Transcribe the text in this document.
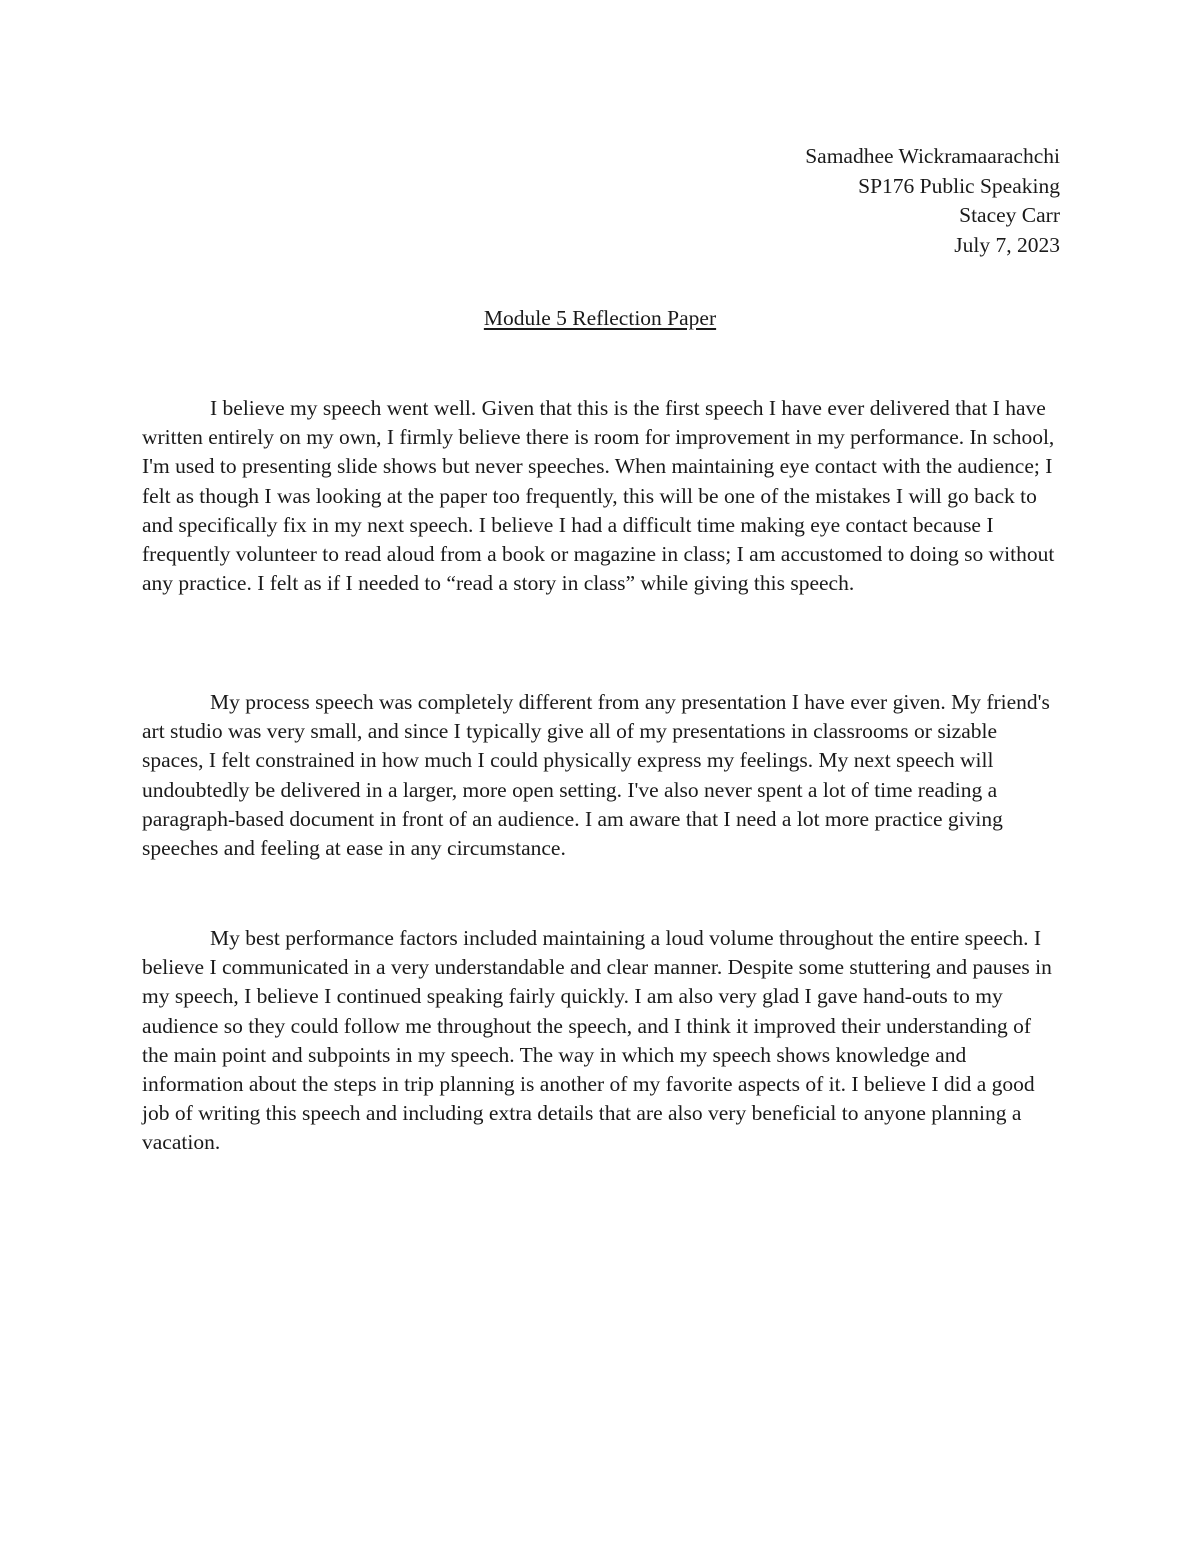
Samadhee Wickramaarachchi
SP176 Public Speaking
Stacey Carr
July 7, 2023
Module 5 Reflection Paper

I believe my speech went well. Given that this is the first speech I have ever delivered that I have written entirely on my own, I firmly believe there is room for improvement in my performance. In school, I'm used to presenting slide shows but never speeches. When maintaining eye contact with the audience; I felt as though I was looking at the paper too frequently, this will be one of the mistakes I will go back to and specifically fix in my next speech. I believe I had a difficult time making eye contact because I frequently volunteer to read aloud from a book or magazine in class; I am accustomed to doing so without any practice. I felt as if I needed to “read a story in class” while giving this speech.

My process speech was completely different from any presentation I have ever given. My friend's art studio was very small, and since I typically give all of my presentations in classrooms or sizable spaces, I felt constrained in how much I could physically express my feelings. My next speech will undoubtedly be delivered in a larger, more open setting. I've also never spent a lot of time reading a paragraph-based document in front of an audience. I am aware that I need a lot more practice giving speeches and feeling at ease in any circumstance.

My best performance factors included maintaining a loud volume throughout the entire speech. I believe I communicated in a very understandable and clear manner. Despite some stuttering and pauses in my speech, I believe I continued speaking fairly quickly. I am also very glad I gave hand-outs to my audience so they could follow me throughout the speech, and I think it improved their understanding of the main point and subpoints in my speech. The way in which my speech shows knowledge and information about the steps in trip planning is another of my favorite aspects of it. I believe I did a good job of writing this speech and including extra details that are also very beneficial to anyone planning a vacation.
